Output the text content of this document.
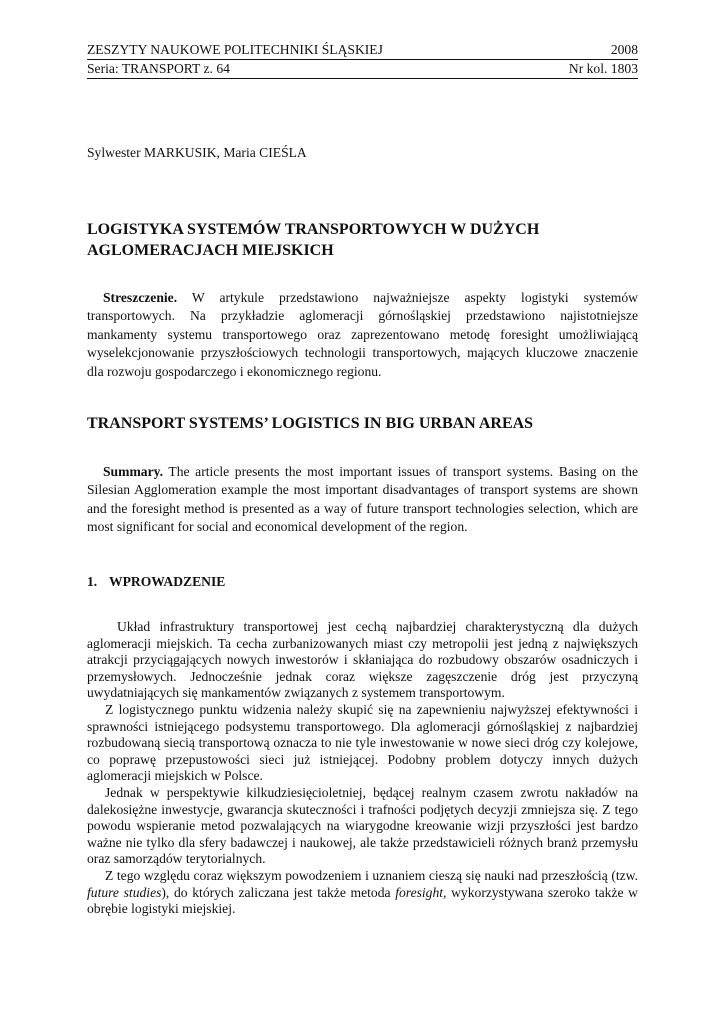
ZESZYTY NAUKOWE POLITECHNIKI ŚLĄSKIEJ	2008
Seria: TRANSPORT z. 64	Nr kol. 1803
Sylwester MARKUSIK, Maria CIEŚLA
LOGISTYKA SYSTEMÓW TRANSPORTOWYCH W DUŻYCH
AGLOMERACJACH MIEJSKICH

Streszczenie. W artykule przedstawiono najważniejsze aspekty logistyki systemów transportowych. Na przykładzie aglomeracji górnośląskiej przedstawiono najistotniejsze mankamenty systemu transportowego oraz zaprezentowano metodę foresight umożliwiającą wyselekcjonowanie przyszłościowych technologii transportowych, mających kluczowe znaczenie dla rozwoju gospodarczego i ekonomicznego regionu.

TRANSPORT SYSTEMS’ LOGISTICS IN BIG URBAN AREAS

Summary. The article presents the most important issues of transport systems. Basing on the Silesian Agglomeration example the most important disadvantages of transport systems are shown and the foresight method is presented as a way of future transport technologies selection, which are most significant for social and economical development of the region.

1. WPROWADZENIE

Układ infrastruktury transportowej jest cechą najbardziej charakterystyczną dla dużych aglomeracji miejskich. Ta cecha zurbanizowanych miast czy metropolii jest jedną z największych atrakcji przyciągających nowych inwestorów i skłaniająca do rozbudowy obszarów osadniczych i przemysłowych. Jednocześnie jednak coraz większe zagęszczenie dróg jest przyczyną uwydatniających się mankamentów związanych z systemem transportowym.

Z logistycznego punktu widzenia należy skupić się na zapewnieniu najwyższej efektywności i sprawności istniejącego podsystemu transportowego. Dla aglomeracji górnośląskiej z najbardziej rozbudowaną siecią transportową oznacza to nie tyle inwestowanie w nowe sieci dróg czy kolejowe, co poprawę przepustowości sieci już istniejącej. Podobny problem dotyczy innych dużych aglomeracji miejskich w Polsce.

Jednak w perspektywie kilkudziesięcioletniej, będącej realnym czasem zwrotu nakładów na dalekosiężne inwestycje, gwarancja skuteczności i trafności podjętych decyzji zmniejsza się. Z tego powodu wspieranie metod pozwalających na wiarygodne kreowanie wizji przyszłości jest bardzo ważne nie tylko dla sfery badawczej i naukowej, ale także przedstawicieli różnych branż przemysłu oraz samorządów terytorialnych.

Z tego względu coraz większym powodzeniem i uznaniem cieszą się nauki nad przeszłością (tzw. future studies), do których zaliczana jest także metoda foresight, wykorzystywana szeroko także w obrębie logistyki miejskiej.
